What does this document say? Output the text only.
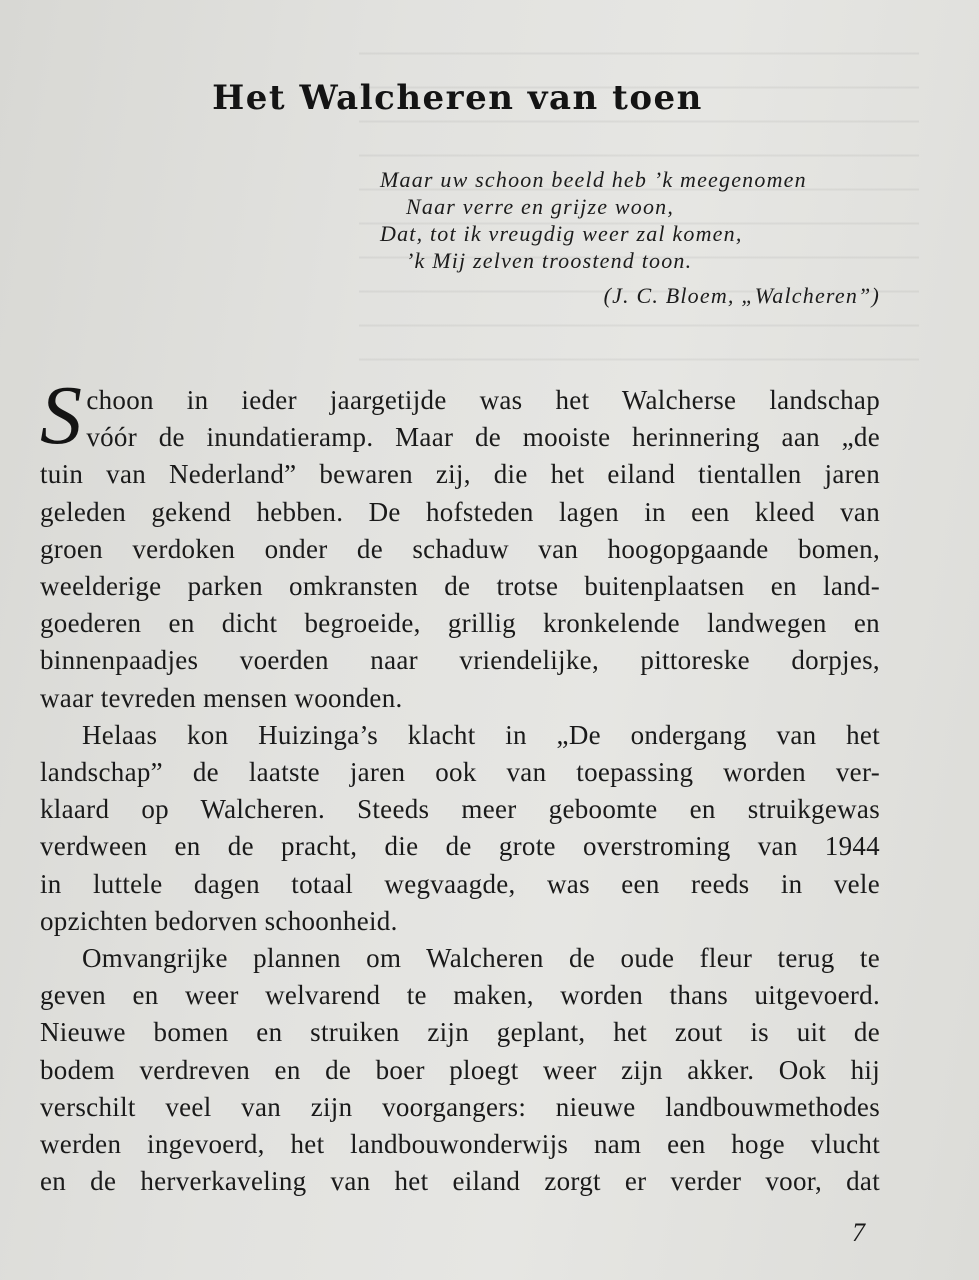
Het Walcheren van toen
Maar uw schoon beeld heb ’k meegenomen
Naar verre en grijze woon,
Dat, tot ik vreugdig weer zal komen,
’k Mij zelven troostend toon.
(J. C. Bloem, „Walcheren”)

S choon in ieder jaargetijde was het Walcherse landschap
vóór de inundatieramp. Maar de mooiste herinnering aan „de
tuin van Nederland” bewaren zij, die het eiland tientallen jaren
geleden gekend hebben. De hofsteden lagen in een kleed van
groen verdoken onder de schaduw van hoogopgaande bomen,
weelderige parken omkransten de trotse buitenplaatsen en land-
goederen en dicht begroeide, grillig kronkelende landwegen en
binnenpaadjes voerden naar vriendelijke, pittoreske dorpjes,
waar tevreden mensen woonden.

Helaas kon Huizinga’s klacht in „De ondergang van het
landschap” de laatste jaren ook van toepassing worden ver-
klaard op Walcheren. Steeds meer geboomte en struikgewas
verdween en de pracht, die de grote overstroming van 1944
in luttele dagen totaal wegvaagde, was een reeds in vele
opzichten bedorven schoonheid.

Omvangrijke plannen om Walcheren de oude fleur terug te
geven en weer welvarend te maken, worden thans uitgevoerd.
Nieuwe bomen en struiken zijn geplant, het zout is uit de
bodem verdreven en de boer ploegt weer zijn akker. Ook hij
verschilt veel van zijn voorgangers: nieuwe landbouwmethodes
werden ingevoerd, het landbouwonderwijs nam een hoge vlucht
en de herverkaveling van het eiland zorgt er verder voor, dat

7
